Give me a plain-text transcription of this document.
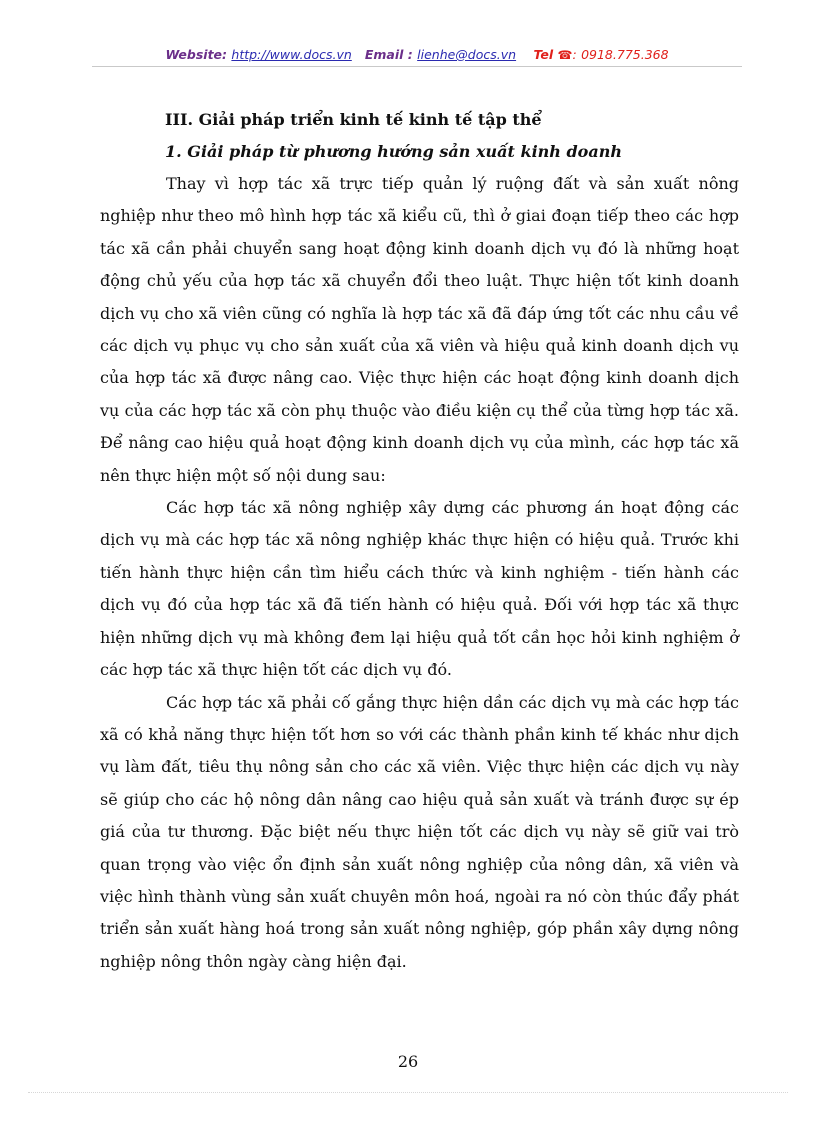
Website: http://www.docs.vn Email : lienhe@docs.vn Tel ☎: 0918.775.368
III. Giải pháp triển kinh tế kinh tế tập thể
1. Giải pháp từ phương hướng sản xuất kinh doanh

Thay vì hợp tác xã trực tiếp quản lý ruộng đất và sản xuất nông nghiệp như theo mô hình hợp tác xã kiểu cũ, thì ở giai đoạn tiếp theo các hợp tác xã cần phải chuyển sang hoạt động kinh doanh dịch vụ đó là những hoạt động chủ yếu của hợp tác xã chuyển đổi theo luật. Thực hiện tốt kinh doanh dịch vụ cho xã viên cũng có nghĩa là hợp tác xã đã đáp ứng tốt các nhu cầu về các dịch vụ phục vụ cho sản xuất của xã viên và hiệu quả kinh doanh dịch vụ của hợp tác xã được nâng cao. Việc thực hiện các hoạt động kinh doanh dịch vụ của các hợp tác xã còn phụ thuộc vào điều kiện cụ thể của từng hợp tác xã. Để nâng cao hiệu quả hoạt động kinh doanh dịch vụ của mình, các hợp tác xã nên thực hiện một số nội dung sau:

Các hợp tác xã nông nghiệp xây dựng các phương án hoạt động các dịch vụ mà các hợp tác xã nông nghiệp khác thực hiện có hiệu quả. Trước khi tiến hành thực hiện cần tìm hiểu cách thức và kinh nghiệm - tiến hành các dịch vụ đó của hợp tác xã đã tiến hành có hiệu quả. Đối với hợp tác xã thực hiện những dịch vụ mà không đem lại hiệu quả tốt cần học hỏi kinh nghiệm ở các hợp tác xã thực hiện tốt các dịch vụ đó.

Các hợp tác xã phải cố gắng thực hiện dần các dịch vụ mà các hợp tác xã có khả năng thực hiện tốt hơn so với các thành phần kinh tế khác như dịch vụ làm đất, tiêu thụ nông sản cho các xã viên. Việc thực hiện các dịch vụ này sẽ giúp cho các hộ nông dân nâng cao hiệu quả sản xuất và tránh được sự ép giá của tư thương. Đặc biệt nếu thực hiện tốt các dịch vụ này sẽ giữ vai trò quan trọng vào việc ổn định sản xuất nông nghiệp của nông dân, xã viên và việc hình thành vùng sản xuất chuyên môn hoá, ngoài ra nó còn thúc đẩy phát triển sản xuất hàng hoá trong sản xuất nông nghiệp, góp phần xây dựng nông nghiệp nông thôn ngày càng hiện đại.

26
